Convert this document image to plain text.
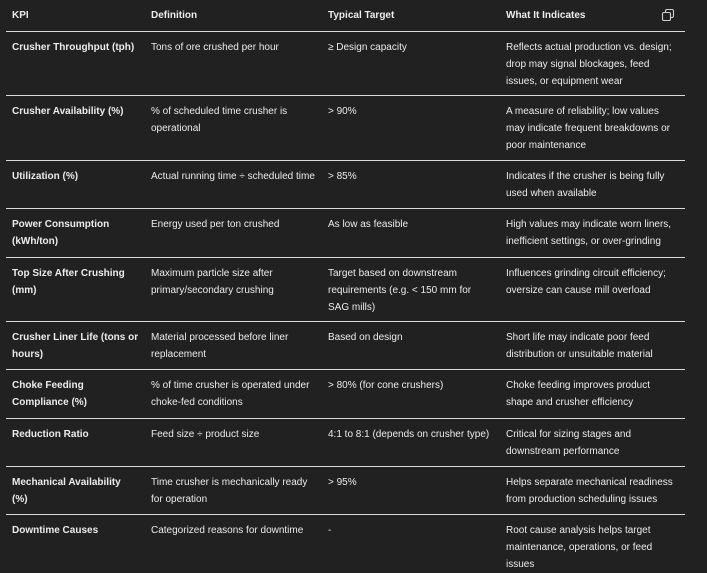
KPI	Definition	Typical Target	What It Indicates
Crusher Throughput (tph)	Tons of ore crushed per hour	≥ Design capacity	Reflects actual production vs. design; drop may signal blockages, feed issues, or equipment wear
Crusher Availability (%)	% of scheduled time crusher is operational	> 90%	A measure of reliability; low values may indicate frequent breakdowns or poor maintenance
Utilization (%)	Actual running time ÷ scheduled time	> 85%	Indicates if the crusher is being fully used when available
Power Consumption (kWh/ton)	Energy used per ton crushed	As low as feasible	High values may indicate worn liners, inefficient settings, or over-grinding
Top Size After Crushing (mm)	Maximum particle size after primary/secondary crushing	Target based on downstream requirements (e.g. < 150 mm for SAG mills)	Influences grinding circuit efficiency; oversize can cause mill overload
Crusher Liner Life (tons or hours)	Material processed before liner replacement	Based on design	Short life may indicate poor feed distribution or unsuitable material
Choke Feeding Compliance (%)	% of time crusher is operated under choke-fed conditions	> 80% (for cone crushers)	Choke feeding improves product shape and crusher efficiency
Reduction Ratio	Feed size ÷ product size	4:1 to 8:1 (depends on crusher type)	Critical for sizing stages and downstream performance
Mechanical Availability (%)	Time crusher is mechanically ready for operation	> 95%	Helps separate mechanical readiness from production scheduling issues
Downtime Causes	Categorized reasons for downtime	-	Root cause analysis helps target maintenance, operations, or feed issues
